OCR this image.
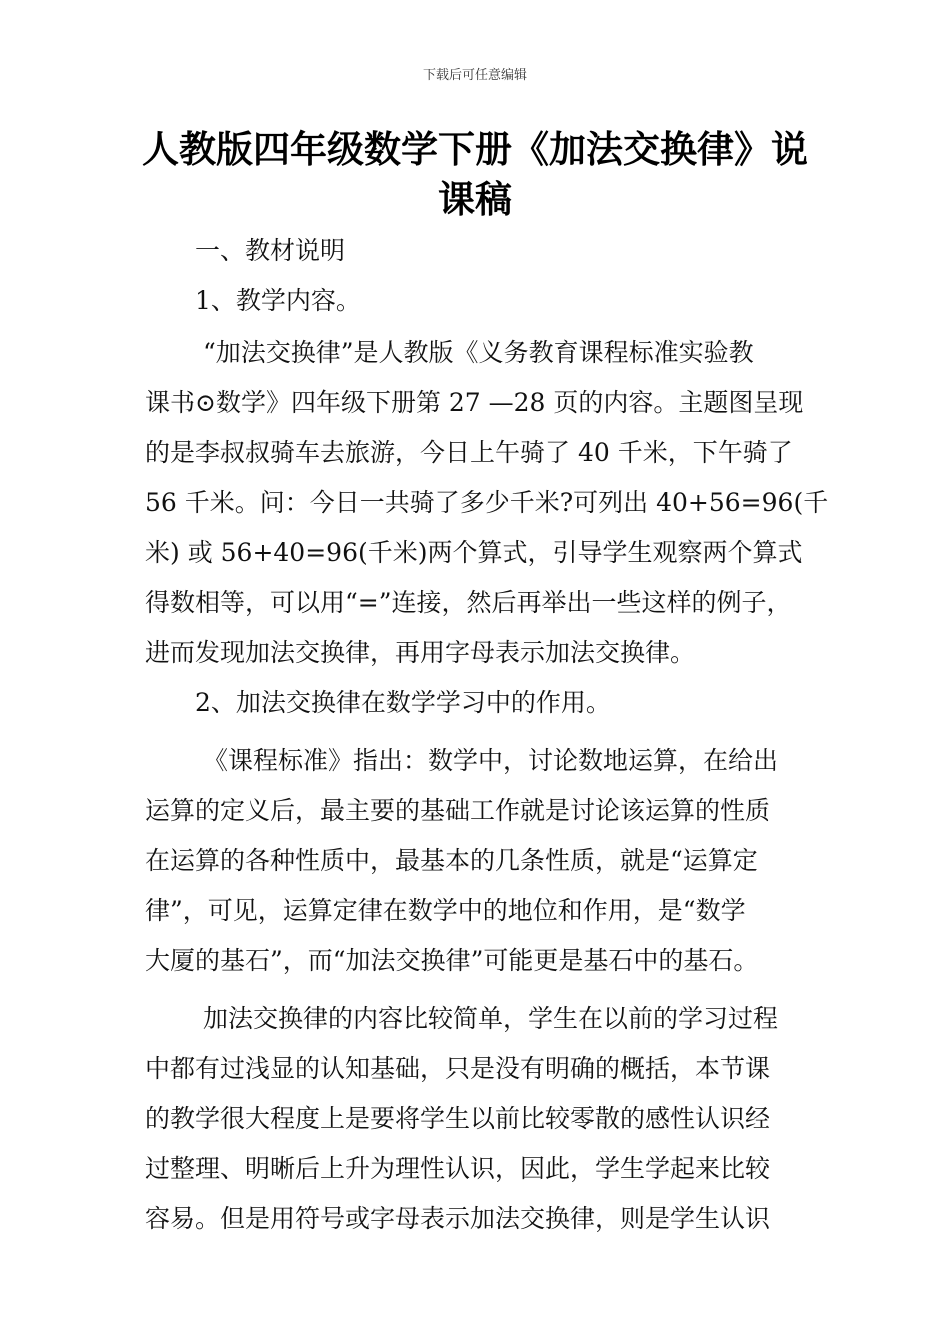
下载后可任意编辑
人教版四年级数学下册《加法交换律》说
课稿
一、教材说明
1、教学内容。
“加法交换律”是人教版《义务教育课程标准实验教
课书⊙数学》四年级下册第 27 —28 页的内容。主题图呈现
的是李叔叔骑车去旅游，今日上午骑了 40 千米，下午骑了
56 千米。问：今日一共骑了多少千米?可列出 40+56=96(千
米) 或 56+40=96(千米)两个算式，引导学生观察两个算式
得数相等，可以用“=”连接，然后再举出一些这样的例子，
进而发现加法交换律，再用字母表示加法交换律。
2、加法交换律在数学学习中的作用。
《课程标准》指出：数学中，讨论数地运算，在给出
运算的定义后，最主要的基础工作就是讨论该运算的性质
在运算的各种性质中，最基本的几条性质，就是“运算定
律”，可见，运算定律在数学中的地位和作用，是“数学
大厦的基石”，而“加法交换律”可能更是基石中的基石。
加法交换律的内容比较简单，学生在以前的学习过程
中都有过浅显的认知基础，只是没有明确的概括，本节课
的教学很大程度上是要将学生以前比较零散的感性认识经
过整理、明晰后上升为理性认识，因此，学生学起来比较
容易。但是用符号或字母表示加法交换律，则是学生认识
